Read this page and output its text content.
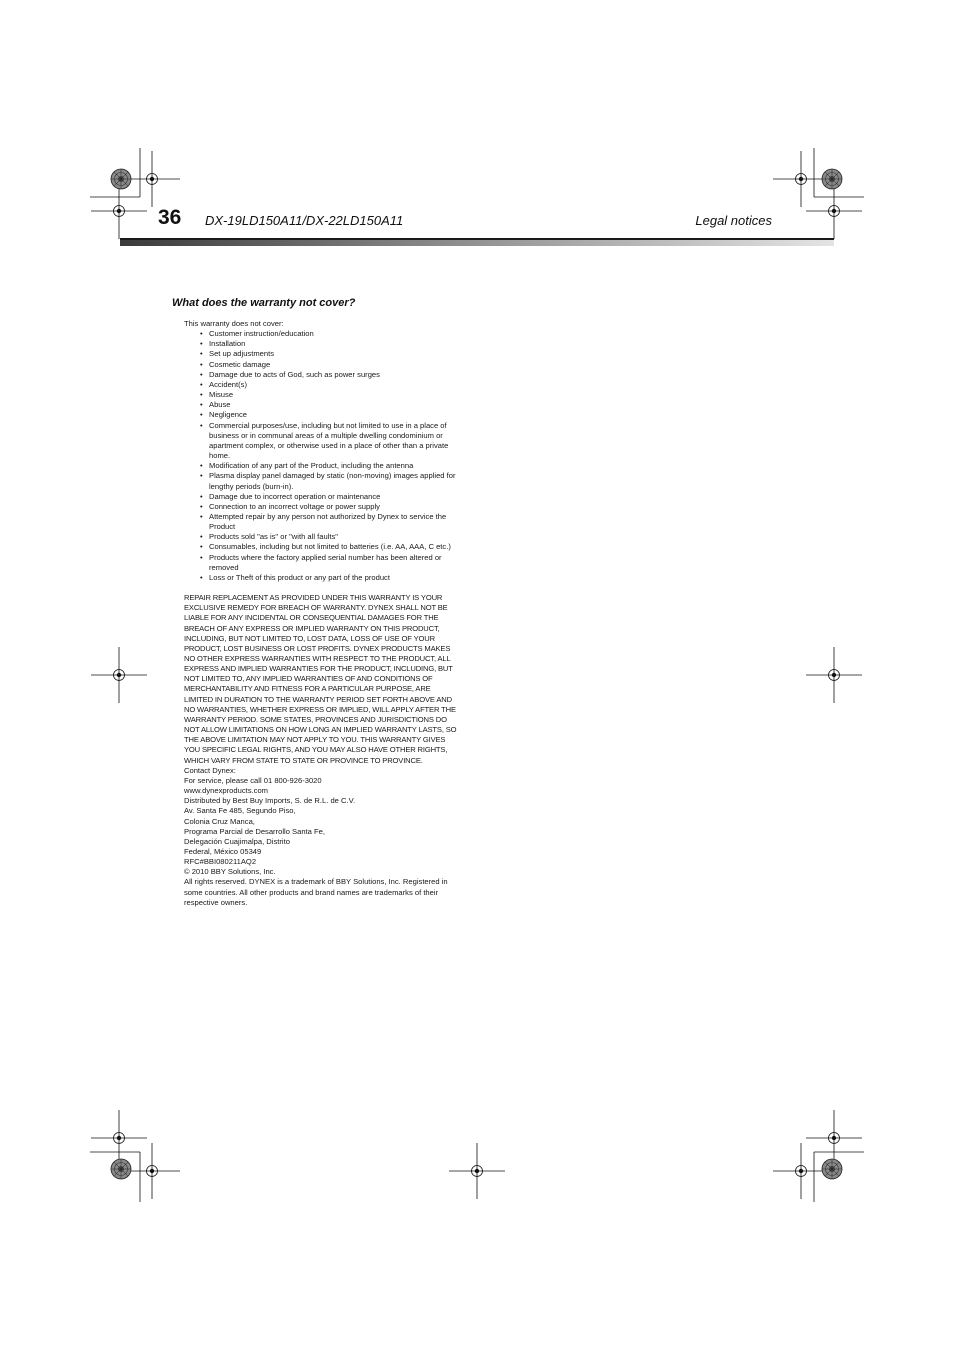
36 DX-19LD150A11/DX-22LD150A11	Legal notices
What does the warranty not cover?

This warranty does not cover:

• Customer instruction/education
• Installation
• Set up adjustments
• Cosmetic damage
• Damage due to acts of God, such as power surges
• Accident(s)
• Misuse
• Abuse
• Negligence
• Commercial purposes/use, including but not limited to use in a place of business or in communal areas of a multiple dwelling condominium or apartment complex, or otherwise used in a place of other than a private home.
• Modification of any part of the Product, including the antenna
• Plasma display panel damaged by static (non-moving) images applied for lengthy periods (burn-in).
• Damage due to incorrect operation or maintenance
• Connection to an incorrect voltage or power supply
• Attempted repair by any person not authorized by Dynex to service the Product
• Products sold "as is" or "with all faults"
• Consumables, including but not limited to batteries (i.e. AA, AAA, C etc.)
• Products where the factory applied serial number has been altered or removed
• Loss or Theft of this product or any part of the product

REPAIR REPLACEMENT AS PROVIDED UNDER THIS WARRANTY IS YOUR EXCLUSIVE REMEDY FOR BREACH OF WARRANTY. DYNEX SHALL NOT BE LIABLE FOR ANY INCIDENTAL OR CONSEQUENTIAL DAMAGES FOR THE BREACH OF ANY EXPRESS OR IMPLIED WARRANTY ON THIS PRODUCT, INCLUDING, BUT NOT LIMITED TO, LOST DATA, LOSS OF USE OF YOUR PRODUCT, LOST BUSINESS OR LOST PROFITS. DYNEX PRODUCTS MAKES NO OTHER EXPRESS WARRANTIES WITH RESPECT TO THE PRODUCT, ALL EXPRESS AND IMPLIED WARRANTIES FOR THE PRODUCT, INCLUDING, BUT NOT LIMITED TO, ANY IMPLIED WARRANTIES OF AND CONDITIONS OF MERCHANTABILITY AND FITNESS FOR A PARTICULAR PURPOSE, ARE LIMITED IN DURATION TO THE WARRANTY PERIOD SET FORTH ABOVE AND NO WARRANTIES, WHETHER EXPRESS OR IMPLIED, WILL APPLY AFTER THE WARRANTY PERIOD. SOME STATES, PROVINCES AND JURISDICTIONS DO NOT ALLOW LIMITATIONS ON HOW LONG AN IMPLIED WARRANTY LASTS, SO THE ABOVE LIMITATION MAY NOT APPLY TO YOU. THIS WARRANTY GIVES YOU SPECIFIC LEGAL RIGHTS, AND YOU MAY ALSO HAVE OTHER RIGHTS, WHICH VARY FROM STATE TO STATE OR PROVINCE TO PROVINCE.

Contact Dynex:

For service, please call 01 800-926-3020

www.dynexproducts.com

Distributed by Best Buy Imports, S. de R.L. de C.V.

Av. Santa Fe 485, Segundo Piso,

Colonia Cruz Manca,

Programa Parcial de Desarrollo Santa Fe,

Delegación Cuajimalpa, Distrito

Federal, México 05349

RFC#BBI080211AQ2

© 2010 BBY Solutions, Inc.

All rights reserved. DYNEX is a trademark of BBY Solutions, Inc. Registered in some countries. All other products and brand names are trademarks of their respective owners.
